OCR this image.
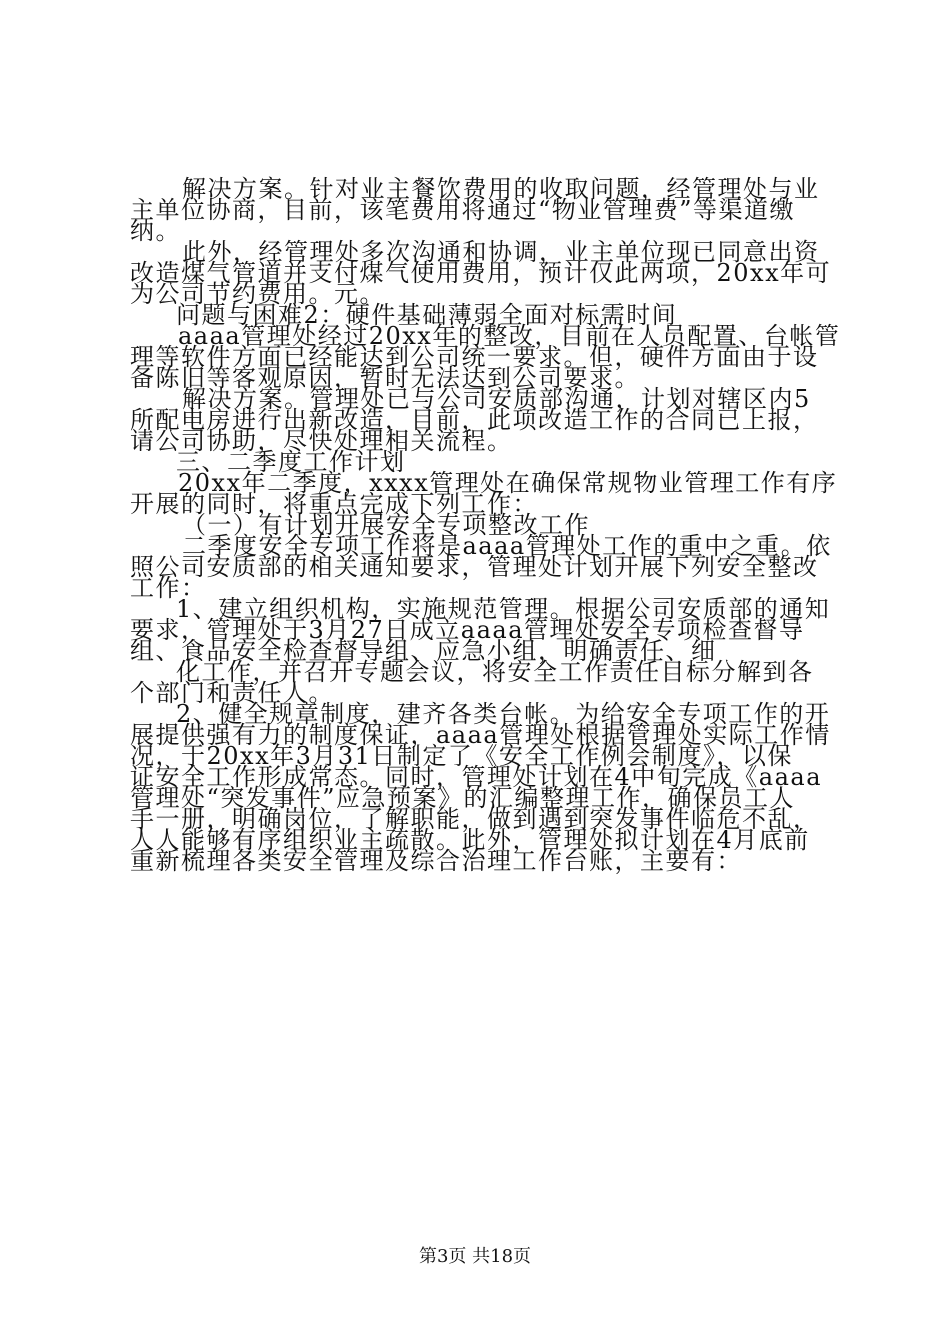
解决方案。针对业主餐饮费用的收取问题，经管理处与业
主单位协商，目前，该笔费用将通过“物业管理费”等渠道缴
纳。
此外，经管理处多次沟通和协调，业主单位现已同意出资
改造煤气管道并支付煤气使用费用，预计仅此两项，20xx年可
为公司节约费用。元。
问题与困难2：硬件基础薄弱全面对标需时间
aaaa管理处经过20xx年的整改，目前在人员配置、台帐管
理等软件方面已经能达到公司统一要求。但，硬件方面由于设
备陈旧等客观原因，暂时无法达到公司要求。
解决方案。管理处已与公司安质部沟通，计划对辖区内5
所配电房进行出新改造，目前，此项改造工作的合同已上报，
请公司协助，尽快处理相关流程。
三、二季度工作计划
20xx年二季度，xxxx管理处在确保常规物业管理工作有序
开展的同时，将重点完成下列工作：
（一）有计划开展安全专项整改工作
二季度安全专项工作将是aaaa管理处工作的重中之重。依
照公司安质部的相关通知要求，管理处计划开展下列安全整改
工作：
1、建立组织机构，实施规范管理。根据公司安质部的通知
要求，管理处于3月27日成立aaaa管理处安全专项检查督导
组、食品安全检查督导组、应急小组，明确责任、细
化工作，并召开专题会议，将安全工作责任目标分解到各
个部门和责任人。
2、健全规章制度，建齐各类台帐。为给安全专项工作的开
展提供强有力的制度保证，aaaa管理处根据管理处实际工作情
况，于20xx年3月31日制定了《安全工作例会制度》，以保
证安全工作形成常态。同时，管理处计划在4中旬完成《aaaa
管理处“突发事件”应急预案》的汇编整理工作，确保员工人
手一册，明确岗位，了解职能，做到遇到突发事件临危不乱，
人人能够有序组织业主疏散。此外，管理处拟计划在4月底前
重新梳理各类安全管理及综合治理工作台账，主要有：
第3页 共18页
